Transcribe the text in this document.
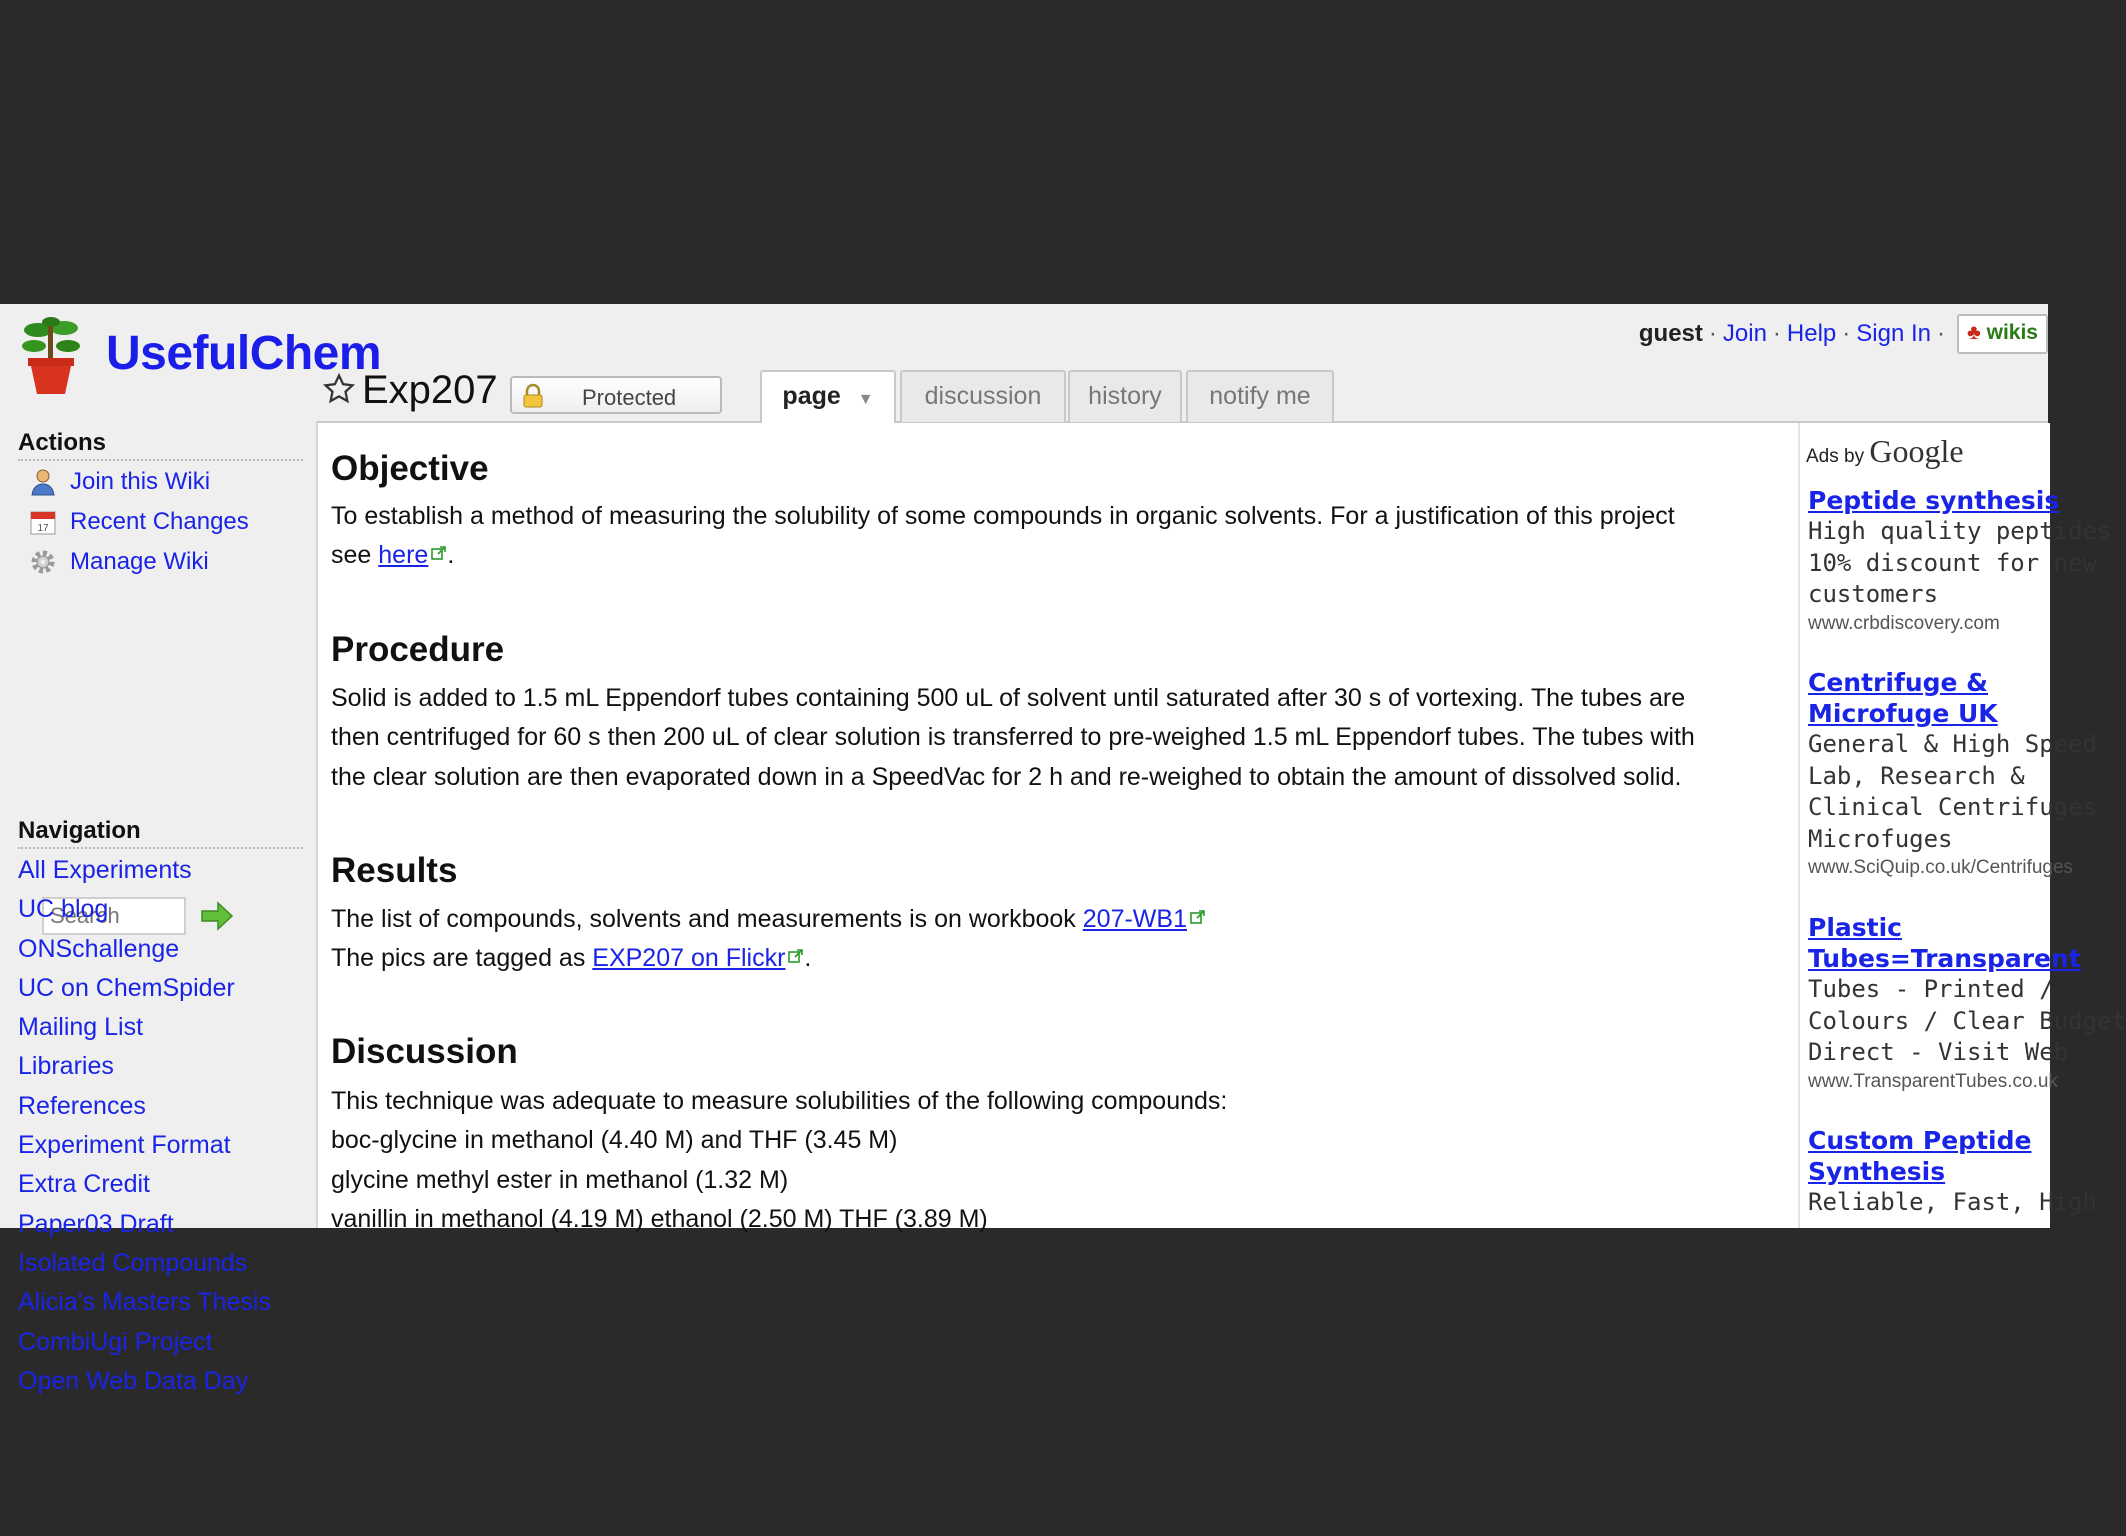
UsefulChem
Exp207	Protected	page ▼	discussion	history	notify me
guest · Join · Help · Sign In ·	♣ wikis
Actions
Join this Wiki
17 Recent Changes
Manage Wiki
Search
Navigation
All Experiments
UC blog
ONSchallenge
UC on ChemSpider
Mailing List
Libraries
References
Experiment Format
Extra Credit
Paper03 Draft
Isolated Compounds
Alicia's Masters Thesis
CombiUgi Project
Open Web Data Day
Objective
To establish a method of measuring the solubility of some compounds in organic solvents. For a justification of this project
see here .
Procedure
Solid is added to 1.5 mL Eppendorf tubes containing 500 uL of solvent until saturated after 30 s of vortexing. The tubes are
then centrifuged for 60 s then 200 uL of clear solution is transferred to pre-weighed 1.5 mL Eppendorf tubes. The tubes with
the clear solution are then evaporated down in a SpeedVac for 2 h and re-weighed to obtain the amount of dissolved solid.
Results
The list of compounds, solvents and measurements is on workbook 207-WB1
The pics are tagged as EXP207 on Flickr .
Discussion
This technique was adequate to measure solubilities of the following compounds:
boc-glycine in methanol (4.40 M) and THF (3.45 M)
glycine methyl ester in methanol (1.32 M)
vanillin in methanol (4.19 M) ethanol (2.50 M) THF (3.89 M)
Ads by Google
Peptide synthesis
High quality peptides
10% discount for new
customers
www.crbdiscovery.com
Centrifuge &
Microfuge UK
General & High Speed
Lab, Research &
Clinical Centrifuges
Microfuges
www.SciQuip.co.uk/Centrifuges
Plastic
Tubes=Transparent
Tubes - Printed /
Colours / Clear Budget
Direct - Visit Web
www.TransparentTubes.co.uk
Custom Peptide
Synthesis
Reliable, Fast, High
